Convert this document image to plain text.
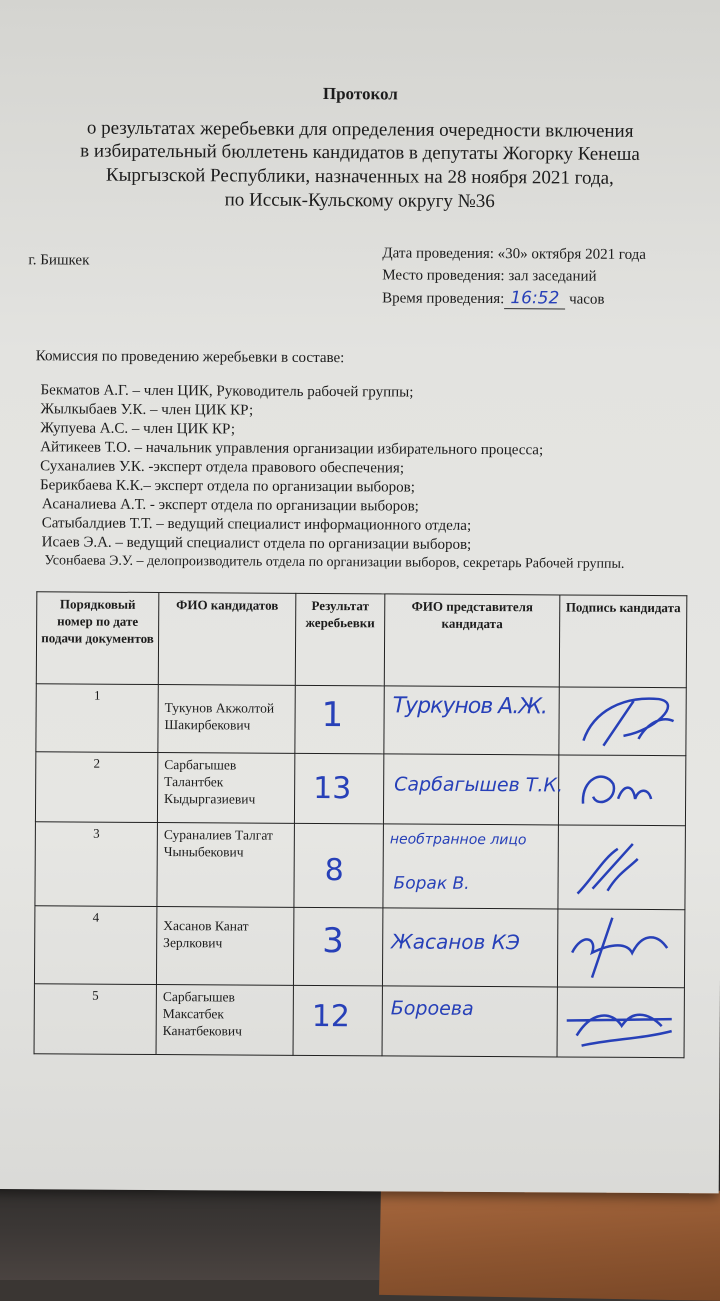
Протокол
о результатах жеребьевки для определения очередности включения
в избирательный бюллетень кандидатов в депутаты Жогорку Кенеша
Кыргызской Республики, назначенных на 28 ноября 2021 года,
по Иссык-Кульскому округу №36
г. Бишкек	Дата проведения: «30» октября 2021 года
Место проведения: зал заседаний
Время проведения: 16:52 часов
Комиссия по проведению жеребьевки в составе:
Бекматов А.Г. – член ЦИК, Руководитель рабочей группы;
Жылкыбаев У.К. – член ЦИК КР;
Жупуева А.С. – член ЦИК КР;
Айтикеев Т.О. – начальник управления организации избирательного процесса;
Суханалиев У.К. -эксперт отдела правового обеспечения;
Берикбаева К.К.– эксперт отдела по организации выборов;
Асаналиева А.Т. - эксперт отдела по организации выборов;
Сатыбалдиев Т.Т. – ведущий специалист информационного отдела;
Исаев Э.А. – ведущий специалист отдела по организации выборов;
Усонбаева Э.У. – делопроизводитель отдела по организации выборов, секретарь Рабочей группы.
Порядковый номер по дате подачи документов	ФИО кандидатов	Результат жеребьевки	ФИО представителя кандидата	Подпись кандидата
1	Тукунов Акжолтой Шакирбекович	1	Туркунов А.Ж.

2	Сарбагышев Талантбек Кыдыргазиевич	13	Сарбагышев Т.К.

3	Сураналиев Талгат Чыныбекович	8	необтранное лицо
Борак В.

4	Хасанов Канат Зерлкович	3	Жасанов КЭ

5	Сарбагышев Максатбек Канатбекович	12	Бороева
